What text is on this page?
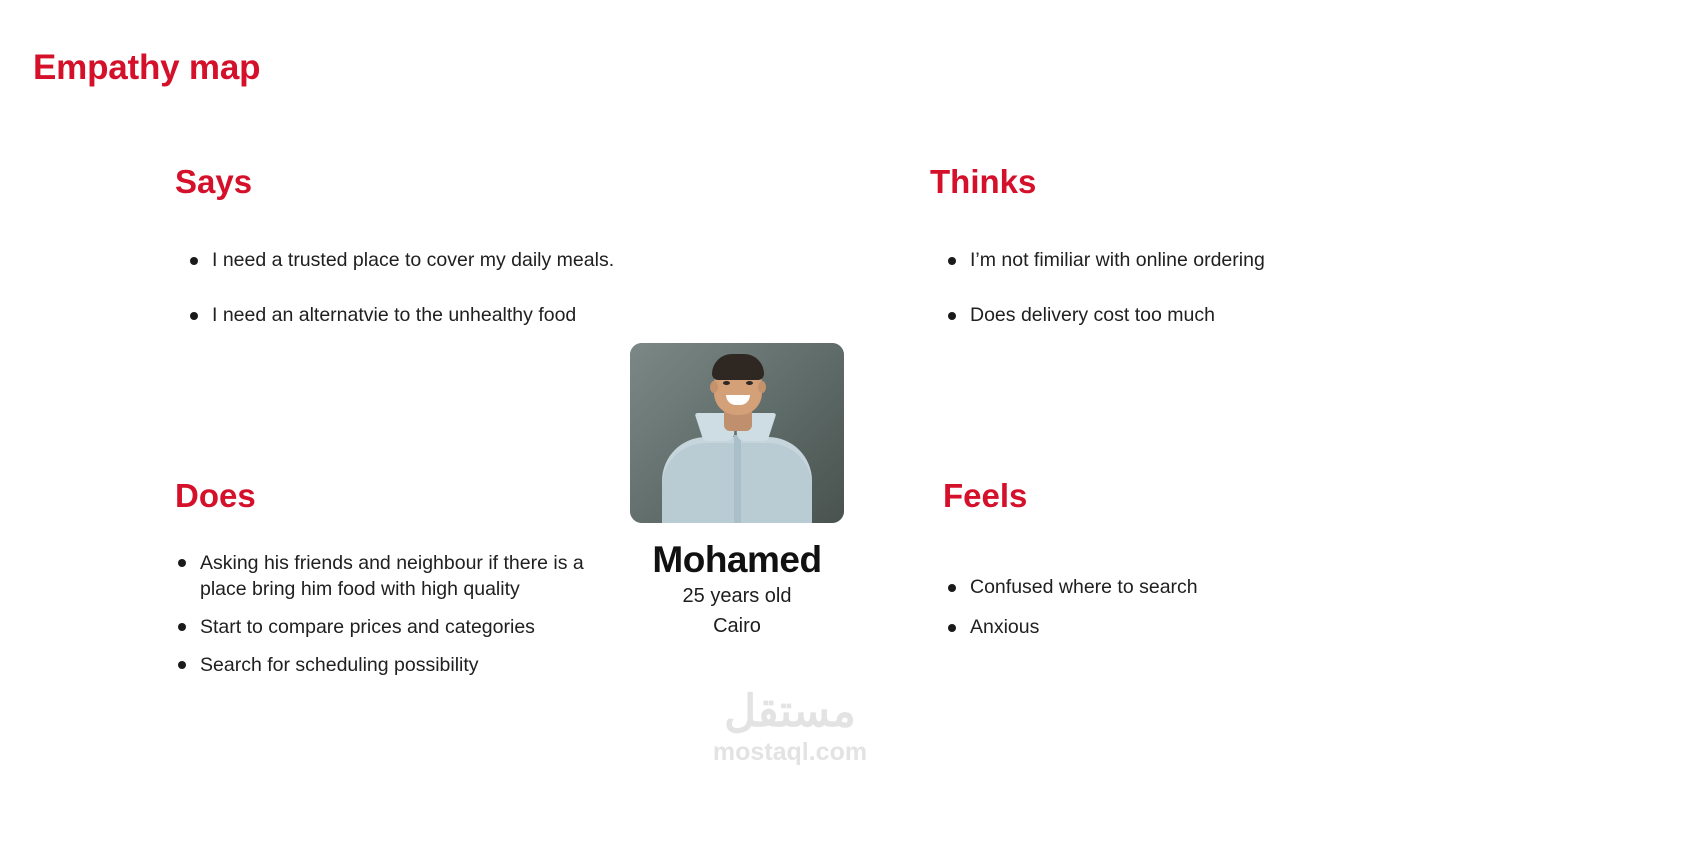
Empathy map
Says
I need a trusted place to cover my daily meals.
I need an alternatvie to the unhealthy food
Thinks
I’m not fimiliar with online ordering
Does delivery cost too much
Does
Asking his friends and neighbour if there is a place bring him food with high quality
Start to compare prices and categories
Search for scheduling possibility
Feels
Confused where to search
Anxious
Mohamed
25 years old
Cairo
مستقل
mostaql.com
